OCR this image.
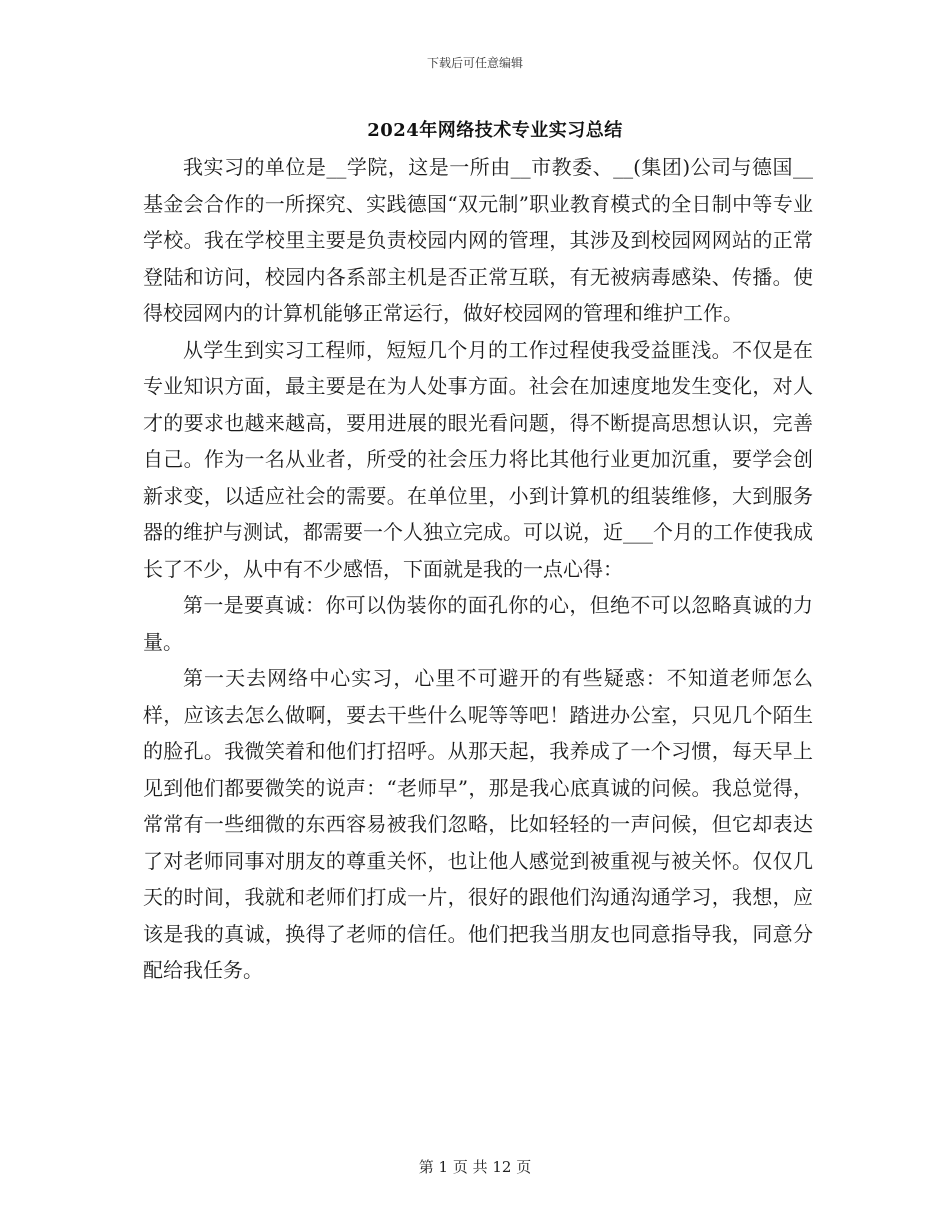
下载后可任意编辑
2024年网络技术专业实习总结

我实习的单位是__学院，这是一所由__市教委、__(集团)公司与德国__基金会合作的一所探究、实践德国“双元制”职业教育模式的全日制中等专业学校。我在学校里主要是负责校园内网的管理，其涉及到校园网网站的正常登陆和访问，校园内各系部主机是否正常互联，有无被病毒感染、传播。使得校园网内的计算机能够正常运行，做好校园网的管理和维护工作。

从学生到实习工程师，短短几个月的工作过程使我受益匪浅。不仅是在专业知识方面，最主要是在为人处事方面。社会在加速度地发生变化，对人才的要求也越来越高，要用进展的眼光看问题，得不断提高思想认识，完善自己。作为一名从业者，所受的社会压力将比其他行业更加沉重，要学会创新求变，以适应社会的需要。在单位里，小到计算机的组装维修，大到服务器的维护与测试，都需要一个人独立完成。可以说，近___个月的工作使我成长了不少，从中有不少感悟，下面就是我的一点心得：

第一是要真诚：你可以伪装你的面孔你的心，但绝不可以忽略真诚的力量。

第一天去网络中心实习，心里不可避开的有些疑惑：不知道老师怎么样，应该去怎么做啊，要去干些什么呢等等吧！踏进办公室，只见几个陌生的脸孔。我微笑着和他们打招呼。从那天起，我养成了一个习惯，每天早上见到他们都要微笑的说声：“老师早”，那是我心底真诚的问候。我总觉得，常常有一些细微的东西容易被我们忽略，比如轻轻的一声问候，但它却表达了对老师同事对朋友的尊重关怀，也让他人感觉到被重视与被关怀。仅仅几天的时间，我就和老师们打成一片，很好的跟他们沟通沟通学习，我想，应该是我的真诚，换得了老师的信任。他们把我当朋友也同意指导我，同意分配给我任务。

第 1 页 共 12 页
